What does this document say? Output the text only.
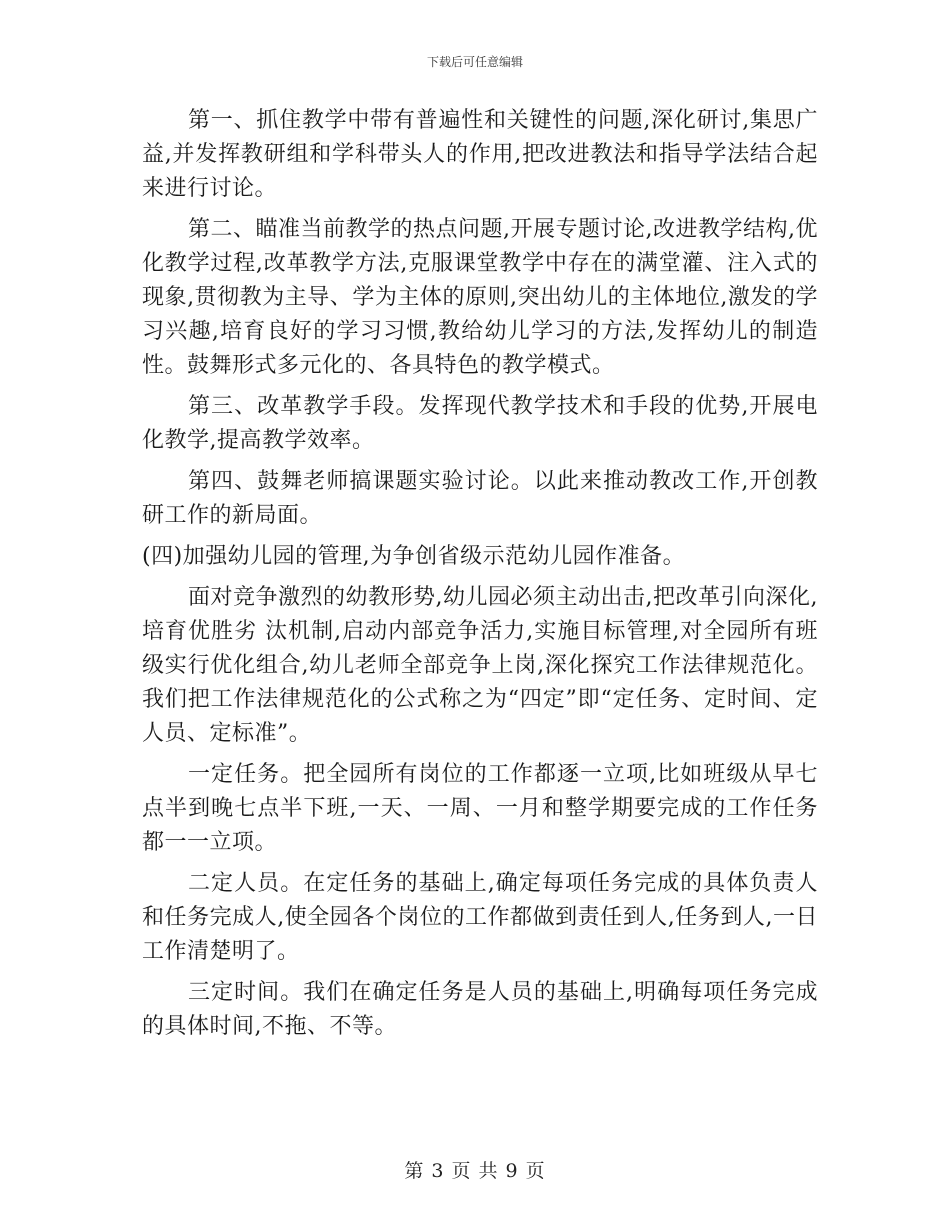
下载后可任意编辑

第一、抓住教学中带有普遍性和关键性的问题,深化研讨,集思广益,并发挥教研组和学科带头人的作用,把改进教法和指导学法结合起来进行讨论。

第二、瞄准当前教学的热点问题,开展专题讨论,改进教学结构,优化教学过程,改革教学方法,克服课堂教学中存在的满堂灌、注入式的现象,贯彻教为主导、学为主体的原则,突出幼儿的主体地位,激发的学习兴趣,培育良好的学习习惯,教给幼儿学习的方法,发挥幼儿的制造性。鼓舞形式多元化的、各具特色的教学模式。

第三、改革教学手段。发挥现代教学技术和手段的优势,开展电化教学,提高教学效率。

第四、鼓舞老师搞课题实验讨论。以此来推动教改工作,开创教研工作的新局面。

(四)加强幼儿园的管理,为争创省级示范幼儿园作准备。

面对竞争激烈的幼教形势,幼儿园必须主动出击,把改革引向深化,培育优胜劣 汰机制,启动内部竞争活力,实施目标管理,对全园所有班级实行优化组合,幼儿老师全部竞争上岗,深化探究工作法律规范化。我们把工作法律规范化的公式称之为“四定”即“定任务、定时间、定人员、定标准”。

一定任务。把全园所有岗位的工作都逐一立项,比如班级从早七点半到晚七点半下班,一天、一周、一月和整学期要完成的工作任务都一一立项。

二定人员。在定任务的基础上,确定每项任务完成的具体负责人和任务完成人,使全园各个岗位的工作都做到责任到人,任务到人,一日工作清楚明了。

三定时间。我们在确定任务是人员的基础上,明确每项任务完成的具体时间,不拖、不等。

第 3 页 共 9 页
